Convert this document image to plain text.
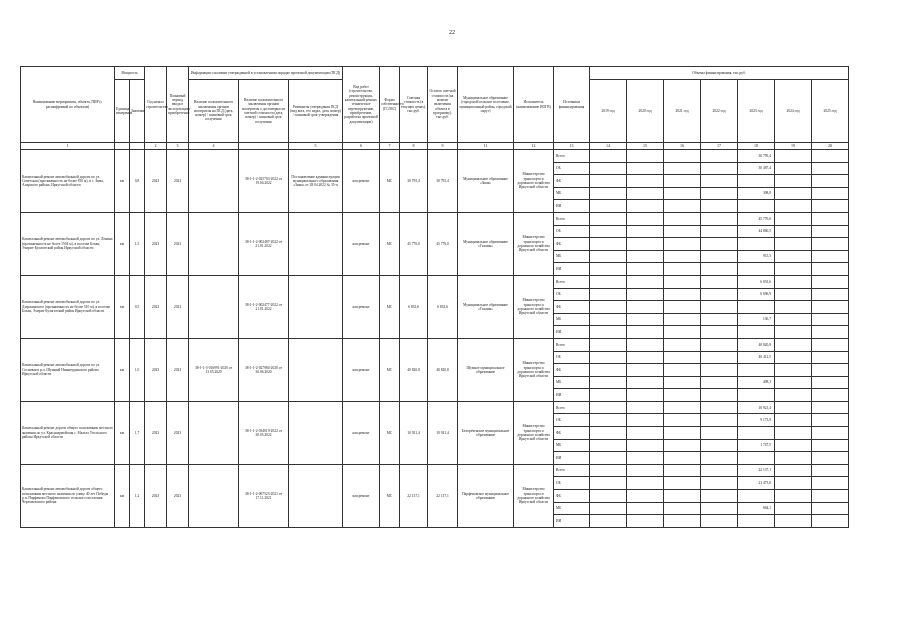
22
Наименование мероприятия, объекта, ПИР (с расшифровкой по объектам)	Мощность		Год начала строительства	Плановый период ввода в эксплуатацию/приобретения	Информация о наличии утвержденной в установленном порядке проектной документации (ПСД)			Вид работ (строительство, реконструкция, капитальный ремонт, техническое перевооружение, приобретение, разработка проектной документации)	Форма собственности (ГС/МС)	Сметная стоимость (в текущих ценах), тыс.руб.	Остаток сметной стоимости (на момент включения объекта в программу), тыс.руб.	Муниципальное образование (городской/сельское поселение, муниципальный район, городской округ)	Исполнитель (наименование ИОГВ)	Источники финансирования	Объемы финансирования, тыс.руб.						
	Единица измерения	Значение			Наличие положительного заключения органов экспертизы на ПСД (дата, номер) / плановый срок получения	Наличие положительного заключения органов экспертизы о достоверности сметной стоимости (дата, номер) / плановый срок получения	Реквизиты утверждения ПСД (вид акта, его издал, дата, номер) / плановый срок утверждения								2019 год	2020 год	2021 год	2022 год	2023 год	2024 год	2025 год
1			2	3	4		5	6	7	8	9	11	12	13	14	15	16	17	18	19	20
Капитальный ремонт автомобильной дороги по ул. Советская (протяженность не более 810 м), в с. Зима, Аларского района, Иркутской области	км	0,8	2023	2023		38-1-1-2-025703-2022 от 19.04.2022	Постановление администрации муниципального образования «Зима» от 28.04.2022 № 35-п	кап.ремонт	МС	30 795,4	30 795,4	Муниципальное образование «Зима»	Министерство транспорта и дорожного хозяйства Иркутской области	Всего					30 795,4		
														ОБ					30 487,4		
														ФБ							
														МБ					308,0		
														ИИ							
Капитальный ремонт автомобильной дороги по ул. Ленина (протяженность не более 1504 м), в поселке Бохан, Эхирит-Булагатский район Иркутской области	км	1,5	2023	2023		38-1-1-2-002487-2022 от 21.01.2022		кап.ремонт	МС	45 776,0	45 776,0	Муниципальное образование «Гаханы»	Министерство транспорта и дорожного хозяйства Иркутской области	Всего					45 776,0		
														ОБ					44 860,5		
														ФБ							
														МБ					915,5		
														ИИ							
Капитальный ремонт автомобильной дороги по ул. Дзержинского (протяженность не более 510 м), в поселке Бохан, Эхирит-Булагатский район Иркутской области	км	0,5	2023	2023		38-1-1-2-002477-2022 от 21.01.2022		кап.ремонт	МС	6 833,6	6 833,6	Муниципальное образование «Гаханы»	Министерство транспорта и дорожного хозяйства Иркутской области	Всего					6 833,6		
														ОБ					6 696,9		
														ФБ							
														МБ					136,7		
														ИИ							
Капитальный ремонт автомобильной дороги по ул. Сосновая в р.п. Шумный Нижнеудинского района Иркутской области	км	1,0	2023	2023	38-1-1-3-016991-2020 от 13.05.2020	38-1-1-2-027984-2020 от 30.06.2020		кап.ремонт	МС	40 820,8	40 820,8	Шумное муниципальное образование	Министерство транспорта и дорожного хозяйства Иркутской области	Всего					40 820,8		
														ОБ					40 412,5		
														ФБ							
														МБ					408,3		
														ИИ							
Капитальный ремонт дороги общего пользования местного значения по ул. Красноармейская с. Мальта Усольского района Иркутской области	км	1,7	2023	2023		38-1-1-2-034019-2022 от 30.05.2022		кап.ремонт	МС	10 921,4	10 921,4	Белореченское муниципальное образование	Министерство транспорта и дорожного хозяйства Иркутской области	Всего					10 921,4		
														ОБ					9 173,9		
														ФБ							
														МБ					1 747,5		
														ИИ							
Капитальный ремонт автомобильной дороги общего пользования местного значения по улице 40 лет Победы р.п. Парфеново Парфеновского сельского поселения Черемховского района	км	1,2	2023	2023		38-1-1-2-067523-2021 от 17.11.2021		кап.ремонт	МС	22 137,1	22 137,1	Парфеновское муниципальное образование	Министерство транспорта и дорожного хозяйства Иркутской области	Всего					22 137,1		
														ОБ					21 473,0		
														ФБ							
														МБ					664,1		
														ИИ							
